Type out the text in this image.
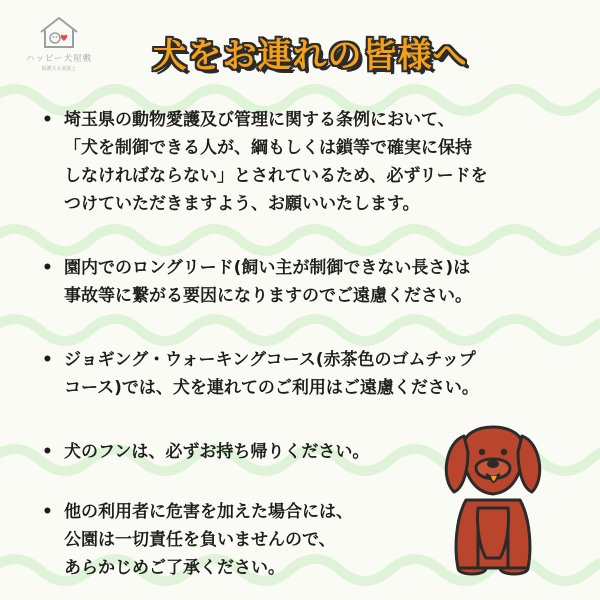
ハッピー犬屋敷
保護犬＆家族と	犬をお連れの皆様へ
• 埼玉県の動物愛護及び管理に関する条例において、
「犬を制御できる人が、綱もしくは鎖等で確実に保持
しなければならない」とされているため、必ずリードを
つけていただきますよう、お願いいたします。
• 園内でのロングリード(飼い主が制御できない長さ)は
事故等に繋がる要因になりますのでご遠慮ください。
• ジョギング・ウォーキングコース(赤茶色のゴムチップ
コース)では、犬を連れてのご利用はご遠慮ください。
• 犬のフンは、必ずお持ち帰りください。
• 他の利用者に危害を加えた場合には、
公園は一切責任を負いませんので、
あらかじめご了承ください。
